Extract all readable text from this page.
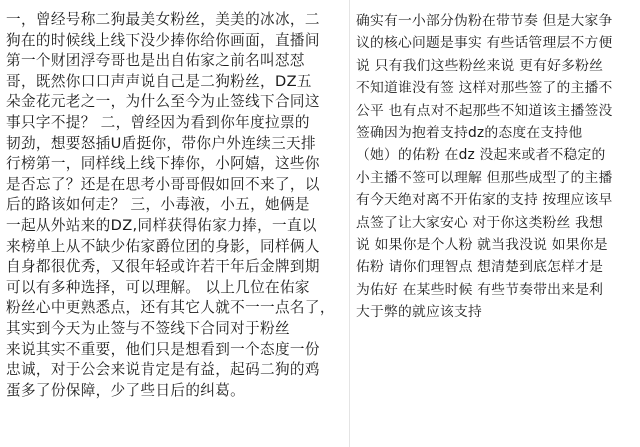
一，曾经号称二狗最美女粉丝，美美的冰冰，二
狗在的时候线上线下没少捧你给你画面，直播间
第一个财团浮夸哥也是出自佑家之前名叫怼怼
哥，既然你口口声声说自己是二狗粉丝，DZ五
朵金花元老之一，为什么至今为止签线下合同这
事只字不提？ 二，曾经因为看到你年度拉票的
韧劲，想要怒插U盾挺你，带你户外连续三天排
行榜第一，同样线上线下捧你，小阿嬉，这些你
是否忘了？还是在思考小哥哥假如回不来了，以
后的路该如何走？ 三，小毒液，小五，她俩是
一起从外站来的DZ,同样获得佑家力捧，一直以
来榜单上从不缺少佑家爵位团的身影，同样俩人
自身都很优秀，又很年轻或许若干年后金牌到期
可以有多种选择，可以理解。 以上几位在佑家
粉丝心中更熟悉点，还有其它人就不一一点名了，
其实到今天为止签与不签线下合同对于粉丝
来说其实不重要，他们只是想看到一个态度一份
忠诚，对于公会来说肯定是有益，起码二狗的鸡
蛋多了份保障，少了些日后的纠葛。
确实有一小部分伪粉在带节奏 但是大家争
议的核心问题是事实 有些话管理层不方便
说 只有我们这些粉丝来说 更有好多粉丝
不知道谁没有签 这样对那些签了的主播不
公平 也有点对不起那些不知道该主播签没
签确因为抱着支持dz的态度在支持他
（她）的佑粉 在dz 没起来或者不稳定的
小主播不签可以理解 但那些成型了的主播
有今天绝对离不开佑家的支持 按理应该早
点签了让大家安心 对于你这类粉丝 我想
说 如果你是个人粉 就当我没说 如果你是
佑粉 请你们理智点 想清楚到底怎样才是
为佑好 在某些时候 有些节奏带出来是利
大于弊的就应该支持
